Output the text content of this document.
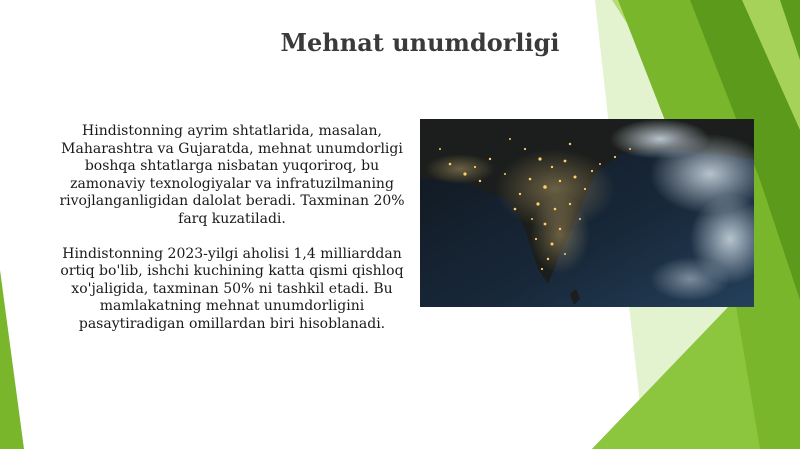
Mehnat unumdorligi

Hindistonning ayrim shtatlarida, masalan, Maharashtra va Gujaratda, mehnat unumdorligi boshqa shtatlarga nisbatan yuqoriroq, bu zamonaviy texnologiyalar va infratuzilmaning rivojlanganligidan dalolat beradi. Taxminan 20% farq kuzatiladi.

Hindistonning 2023-yilgi aholisi 1,4 milliarddan ortiq bo'lib, ishchi kuchining katta qismi qishloq xo'jaligida, taxminan 50% ni tashkil etadi. Bu mamlakatning mehnat unumdorligini pasaytiradigan omillardan biri hisoblanadi.
